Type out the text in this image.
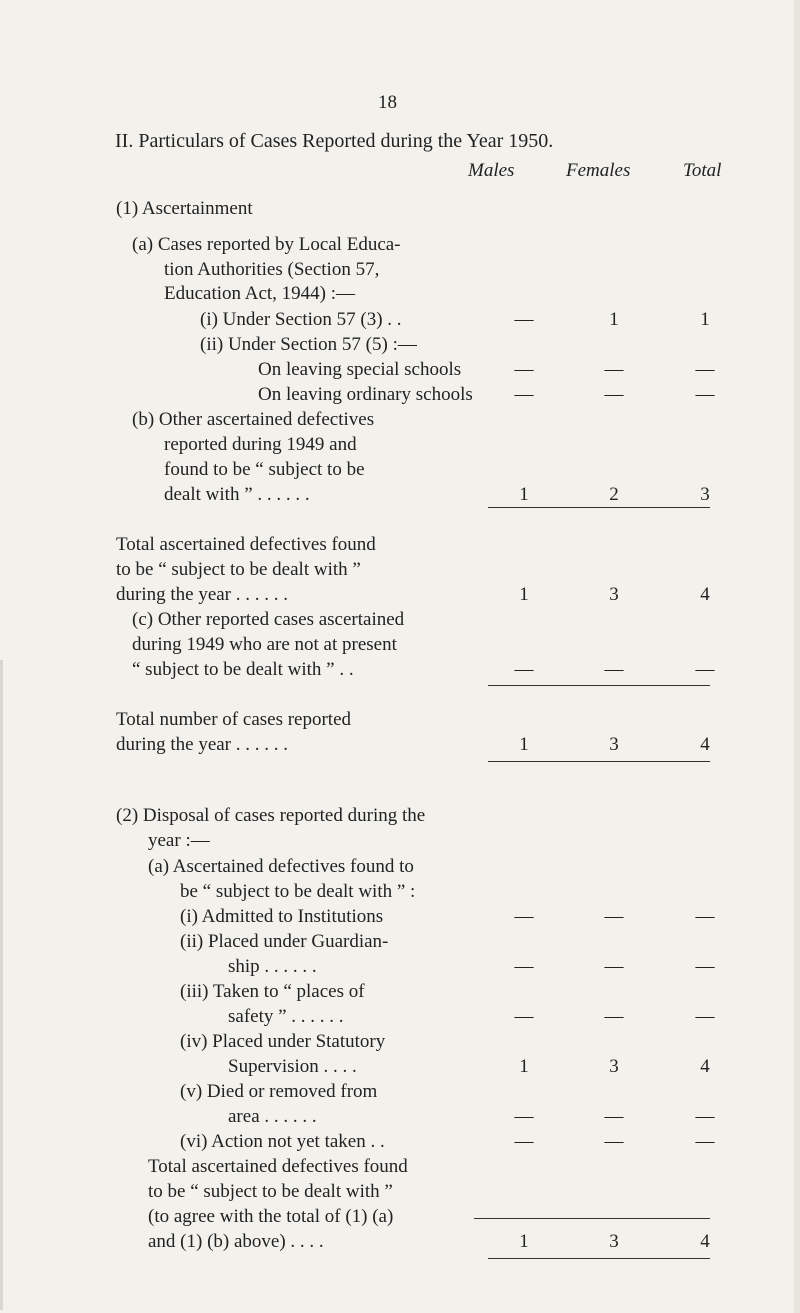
18
II. Particulars of Cases Reported during the Year 1950.
Males	Females	Total
(1) Ascertainment
(a) Cases reported by Local Educa-
tion Authorities (Section 57,
Education Act, 1944) :—
(i) Under Section 57 (3) . .	—	1	1
(ii) Under Section 57 (5) :—
On leaving special schools	—	—	—
On leaving ordinary schools	—	—	—
(b) Other ascertained defectives
reported during 1949 and
found to be “ subject to be
dealt with ” . . . . . .	1	2	3
Total ascertained defectives found
to be “ subject to be dealt with ”
during the year . . . . . .	1	3	4
(c) Other reported cases ascertained
during 1949 who are not at present
“ subject to be dealt with ” . .	—	—	—
Total number of cases reported
during the year . . . . . .	1	3	4
(2) Disposal of cases reported during the
year :—
(a) Ascertained defectives found to
be “ subject to be dealt with ” :
(i) Admitted to Institutions	—	—	—
(ii) Placed under Guardian-
ship . . . . . .	—	—	—
(iii) Taken to “ places of
safety ” . . . . . .	—	—	—
(iv) Placed under Statutory
Supervision . . . .	1	3	4
(v) Died or removed from
area . . . . . .	—	—	—
(vi) Action not yet taken . .	—	—	—
Total ascertained defectives found
to be “ subject to be dealt with ”
(to agree with the total of (1) (a)
and (1) (b) above) . . . .	1	3	4
